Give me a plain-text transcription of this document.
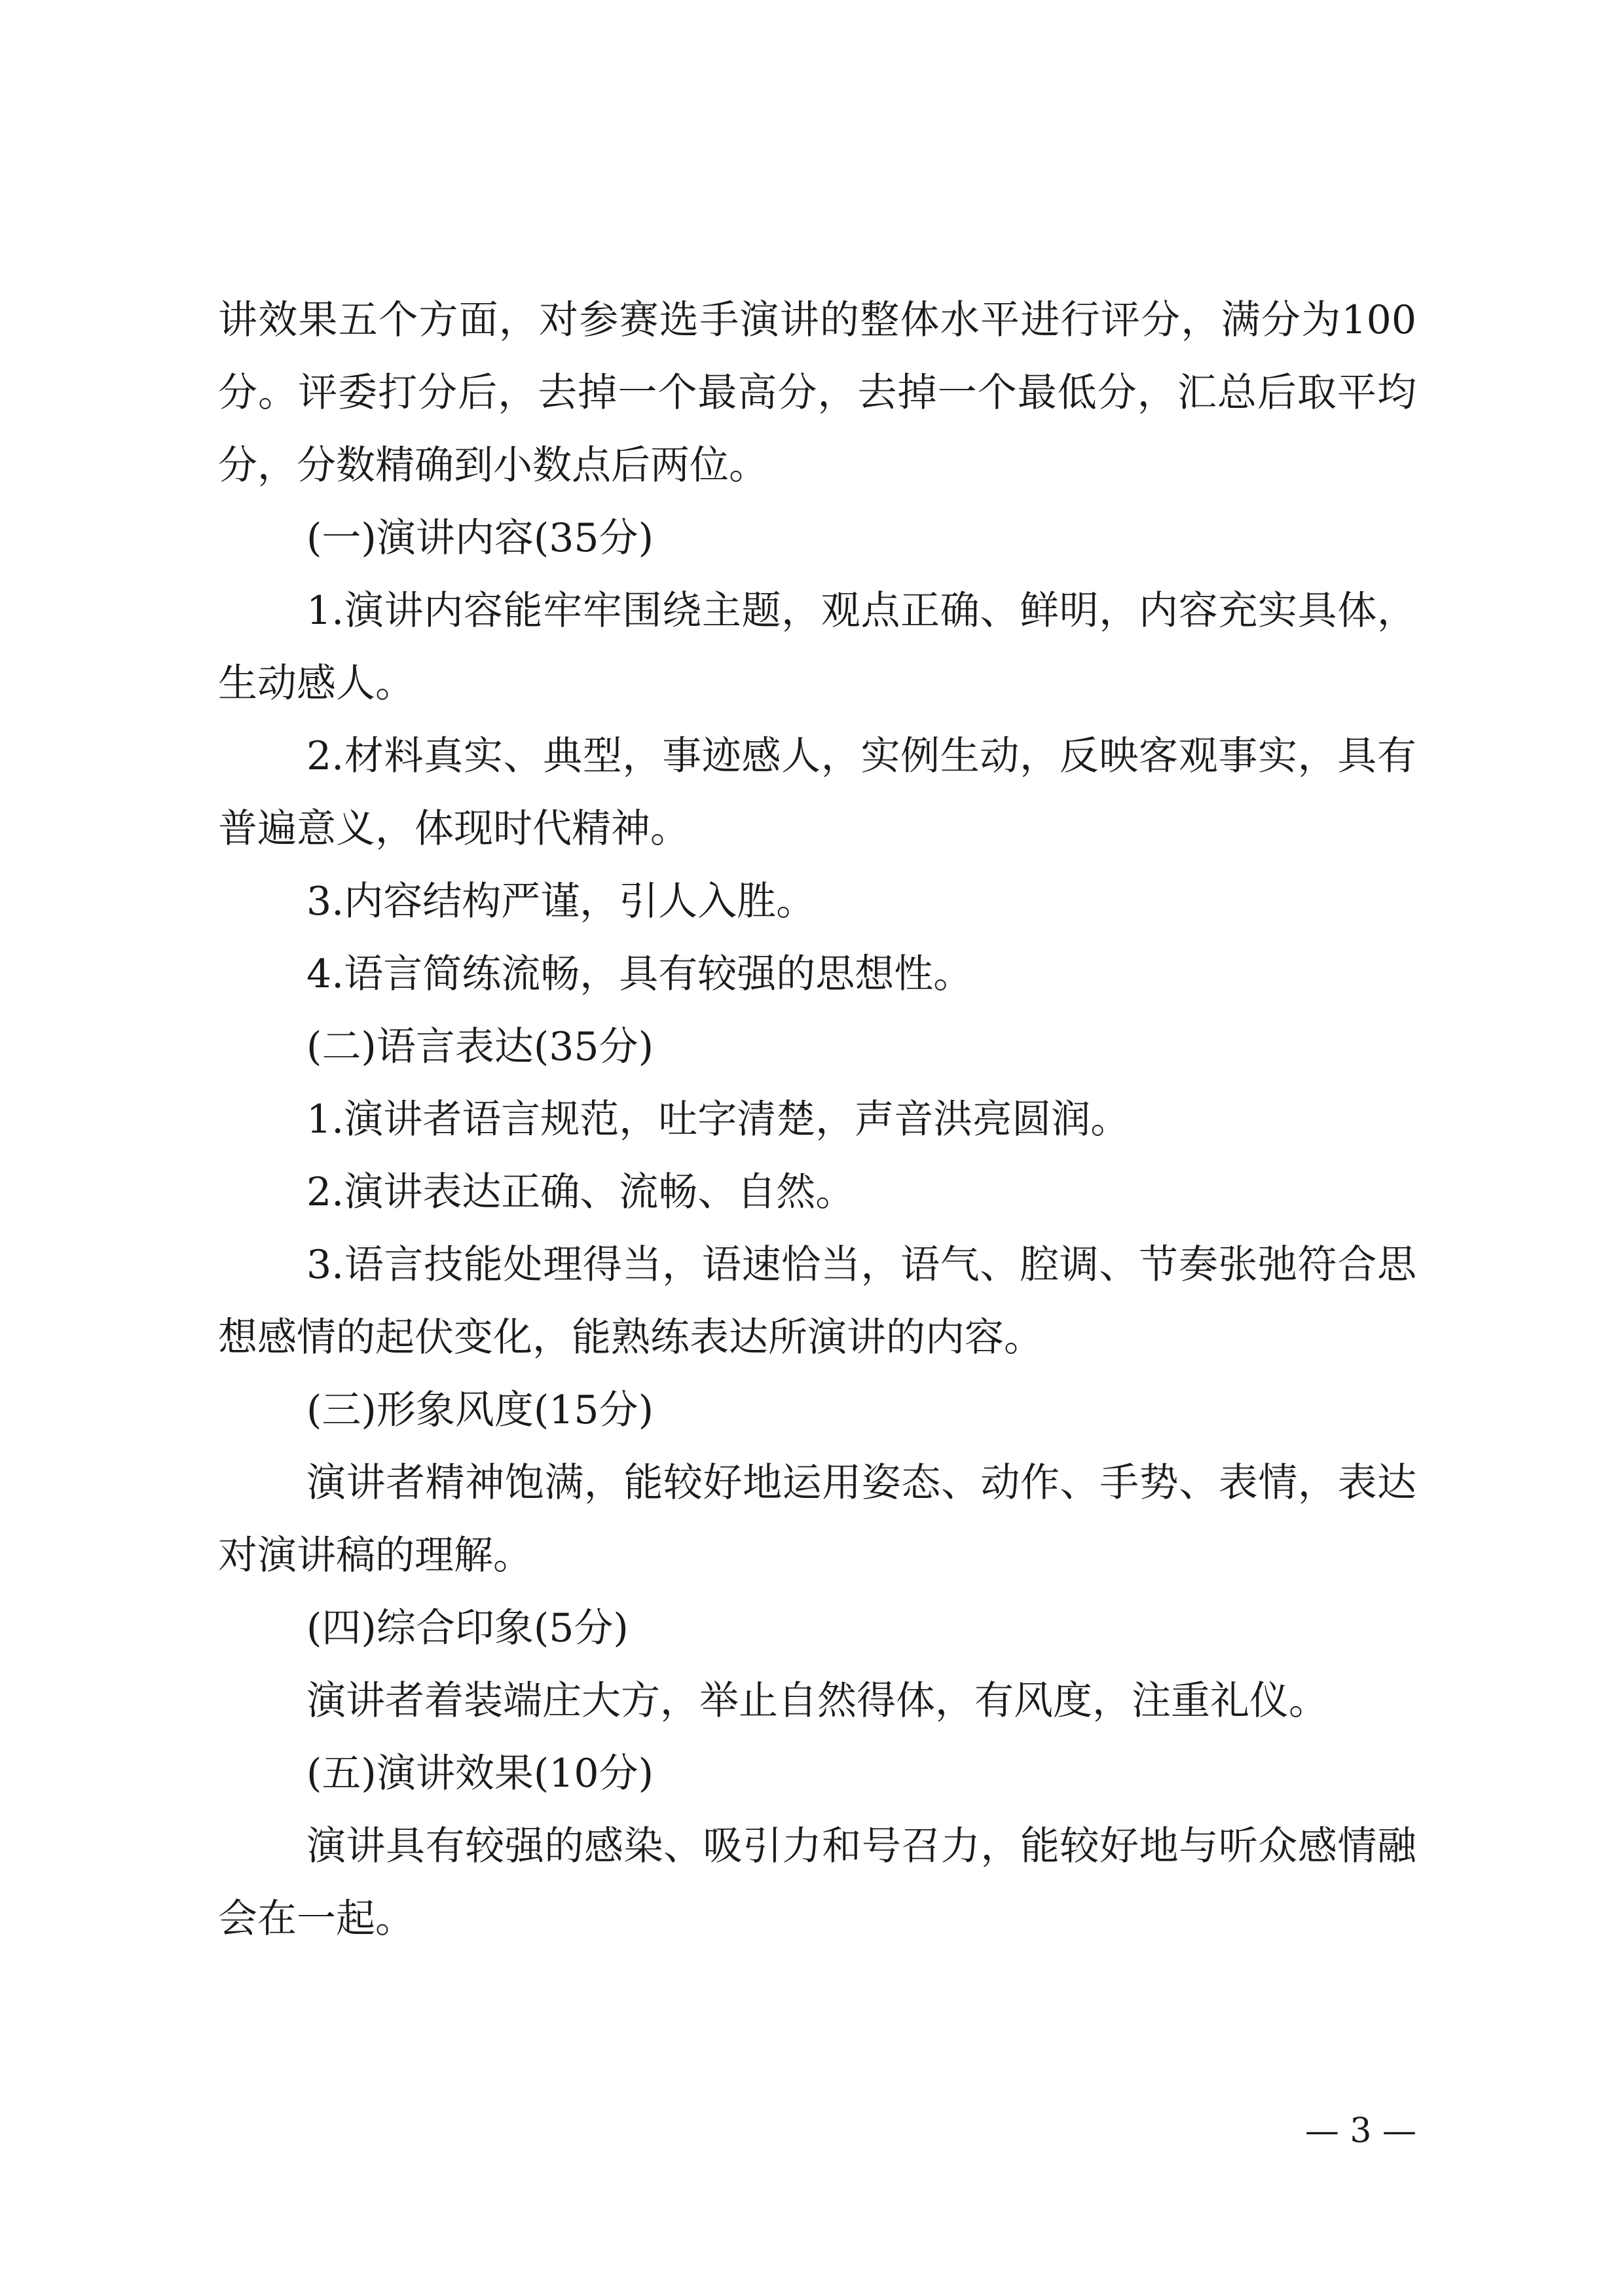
讲效果五个方面，对参赛选手演讲的整体水平进行评分，满分为100分。评委打分后，去掉一个最高分，去掉一个最低分，汇总后取平均分，分数精确到小数点后两位。

(一)演讲内容(35分)

1.演讲内容能牢牢围绕主题，观点正确、鲜明，内容充实具体，生动感人。

2.材料真实、典型，事迹感人，实例生动，反映客观事实，具有普遍意义，体现时代精神。

3.内容结构严谨，引人入胜。

4.语言简练流畅，具有较强的思想性。

(二)语言表达(35分)

1.演讲者语言规范，吐字清楚，声音洪亮圆润。

2.演讲表达正确、流畅、自然。

3.语言技能处理得当，语速恰当，语气、腔调、节奏张弛符合思想感情的起伏变化，能熟练表达所演讲的内容。

(三)形象风度(15分)

演讲者精神饱满，能较好地运用姿态、动作、手势、表情，表达对演讲稿的理解。

(四)综合印象(5分)

演讲者着装端庄大方，举止自然得体，有风度，注重礼仪。

(五)演讲效果(10分)

演讲具有较强的感染、吸引力和号召力，能较好地与听众感情融会在一起。

— 3 —
